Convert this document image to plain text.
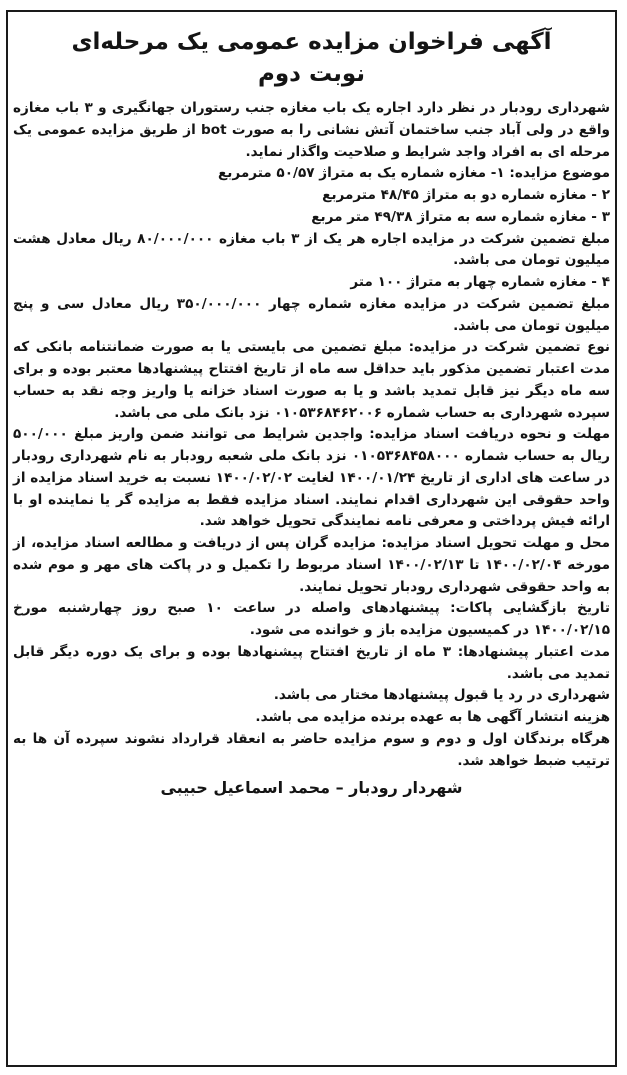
آگهی فراخوان مزایده عمومی یک مرحله‌ای
نوبت دوم

شهرداری رودبار در نظر دارد اجاره یک باب مغازه جنب رستوران جهانگیری و ۳ باب مغازه واقع در ولی آباد جنب ساختمان آتش نشانی را به صورت bot از طریق مزایده عمومی یک مرحله ای به افراد واجد شرایط و صلاحیت واگذار نماید.

موضوع مزایده: ۱- مغازه شماره یک به متراژ ۵۰/۵۷ مترمربع
۲ - مغازه شماره دو به متراژ ۴۸/۴۵ مترمربع
۳ - مغازه شماره سه به متراژ ۴۹/۳۸ متر مربع

مبلغ تضمین شرکت در مزایده اجاره هر یک از ۳ باب مغازه ۸۰/۰۰۰/۰۰۰ ریال معادل هشت میلیون تومان می باشد.

۴ - مغازه شماره چهار به متراژ ۱۰۰ متر

مبلغ تضمین شرکت در مزایده مغازه شماره چهار ۳۵۰/۰۰۰/۰۰۰ ریال معادل سی و پنج میلیون تومان می باشد.

نوع تضمین شرکت در مزایده: مبلغ تضمین می بایستی یا به صورت ضمانتنامه بانکی که مدت اعتبار تضمین مذکور باید حداقل سه ماه از تاریخ افتتاح پیشنهادها معتبر بوده و برای سه ماه دیگر نیز قابل تمدید باشد و یا به صورت اسناد خزانه یا واریز وجه نقد به حساب سپرده شهرداری به حساب شماره ۰۱۰۵۳۶۸۴۶۲۰۰۶ نزد بانک ملی می باشد.

مهلت و نحوه دریافت اسناد مزایده: واجدین شرایط می توانند ضمن واریز مبلغ ۵۰۰/۰۰۰ ریال به حساب شماره ۰۱۰۵۳۶۸۴۵۸۰۰۰ نزد بانک ملی شعبه رودبار به نام شهرداری رودبار در ساعت های اداری از تاریخ ۱۴۰۰/۰۱/۲۴ لغایت ۱۴۰۰/۰۲/۰۲ نسبت به خرید اسناد مزایده از واحد حقوقی این شهرداری اقدام نمایند. اسناد مزایده فقط به مزایده گر یا نماینده او با ارائه فیش پرداختی و معرفی نامه نمایندگی تحویل خواهد شد.

محل و مهلت تحویل اسناد مزایده: مزایده گران پس از دریافت و مطالعه اسناد مزایده، از مورخه ۱۴۰۰/۰۲/۰۴ تا ۱۴۰۰/۰۲/۱۳ اسناد مربوط را تکمیل و در پاکت های مهر و موم شده به واحد حقوقی شهرداری رودبار تحویل نمایند.

تاریخ بازگشایی پاکات: پیشنهادهای واصله در ساعت ۱۰ صبح روز چهارشنبه مورخ ۱۴۰۰/۰۲/۱۵ در کمیسیون مزایده باز و خوانده می شود.

مدت اعتبار پیشنهادها: ۳ ماه از تاریخ افتتاح پیشنهادها بوده و برای یک دوره دیگر قابل تمدید می باشد.

شهرداری در رد یا قبول پیشنهادها مختار می باشد.

هزینه انتشار آگهی ها به عهده برنده مزایده می باشد.

هرگاه برندگان اول و دوم و سوم مزایده حاضر به انعقاد قرارداد نشوند سپرده آن ها به ترتیب ضبط خواهد شد.

شهردار رودبار – محمد اسماعیل حبیبی
